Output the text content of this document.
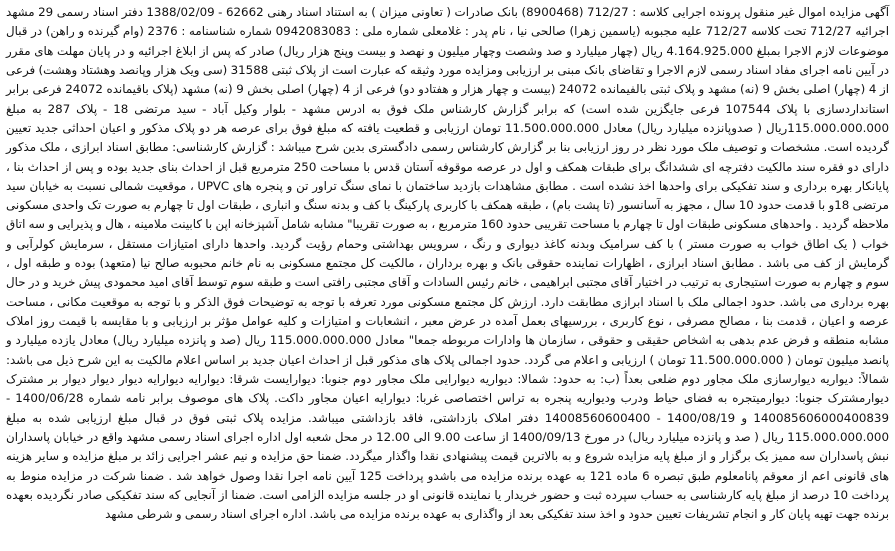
آگهی مزایده اموال غیر منقول پرونده اجرایی کلاسه : 712/27 (8900468) بانک صادرات ( تعاونی میزان ) به استناد اسناد رهنی 62662 - 1388/02/09 دفتر اسناد رسمی 29 مشهد اجرائیه 712/27 تحت کلاسه 712/27 علیه مجبوبه (یاسمین زهرا) صالحی نیا ، نام پدر : غلامعلی شماره ملی : 0942083083 شماره شناسنامه : 2376 (وام گیرنده و راهن) در قبال موضوعات لازم الاجرا بمبلغ 4.164.925.000 ریال (چهار میلیارد و صد وشصت وچهار میلیون و نهصد و بیست وپنج هزار ریال) صادر که پس از ابلاغ اجرائیه و در پایان مهلت های مقرر در آیین نامه اجرای مفاد اسناد رسمی لازم الاجرا و تقاضای بانک مبنی بر ارزیابی ومزایده مورد وثیقه که عبارت است از پلاک ثبتی 31588 (سی ویک هزار وپانصد وهشتاد وهشت) فرعی از 4 (چهار) اصلی بخش 9 (نه) مشهد و پلاک ثبتی بالفیمانده 24072 (بیست و چهار هزار و هفتادو دو) فرعی از 4 (چهار) اصلی بخش 9 (نه) مشهد (پلاک باقیمانده 24072 فرعی برابر استانداردسازی با پلاک 107544 فرعی جایگزین شده است) که برابر گزارش کارشناس ملک فوق به ادرس مشهد - بلوار وکیل آباد - سید مرتضی 18 - پلاک 287 به مبلغ 115.000.000.000ریال ( صدوپانزده میلیارد ریال) معادل 11.500.000.000 تومان ارزیابی و قطعیت یافته که مبلغ فوق برای عرصه هر دو پلاک مذکور و اعیان احداثی جدید تعیین گردیده است. مشخصات و توصیف ملک مورد نظر در روز ارزیابی بنا بر گزارش کارشناس رسمی دادگستری بدین شرح میباشد : گزارش کارشناسی: مطابق اسناد ابرازی ، ملک مذکور دارای دو فقره سند مالکیت دفترچه ای ششدانگ برای طبقات همکف و اول در عرصه موقوفه آستان قدس با مساحت 250 مترمربع قبل از احداث بنای جدید بوده و پس از احداث بنا ، پایانکار بهره برداری و سند تفکیکی برای واحدها اخذ نشده است . مطابق مشاهدات بازدید ساختمان با نمای سنگ تراور تن و پنجره های UPVC ، موقعیت شمالی نسبت به خیابان سید مرتضی 18و با قدمت حدود 10 سال ، مجهز به آسانسور (تا پشت بام) ، طبقه همکف با کاربری پارکینگ با کف و بدنه سنگ و انباری ، طبقات اول تا چهارم به صورت تک واحدی مسکونی ملاحظه گردید . واحدهای مسکونی طبقات اول تا چهارم با مساحت تقریبی حدود 160 مترمربع ، به صورت تقریبا" مشابه شامل آشپزخانه اپن با کابینت ملامینه ، هال و پذیرایی و سه اتاق خواب ( یک اطاق خواب به صورت مستر ) با کف سرامیک وبدنه کاغذ دیواری و رنگ ، سرویس بهداشتی وحمام رؤیت گردید. واحدها دارای امتیازات مستقل ، سرمایش کولرآبی و گرمایش از کف می باشد . مطابق اسناد ابرازی ، اظهارات نماینده حقوقی بانک و بهره برداران ، مالکیت کل مجتمع مسکونی به نام خانم محبوبه صالح نیا (متعهد) بوده و طبقه اول ، سوم و چهارم به صورت استیجاری به ترتیب در اختیار آقای مجتبی ابراهیمی ، خانم رئیس السادات و آقای مجتبی رافتی است و طبقه سوم توسط آقای امید محمودی پیش خرید و در حال بهره برداری می باشد. حدود اجمالی ملک با اسناد ابرازی مطابقت دارد. ارزش کل مجتمع مسکونی مورد تعرفه با توجه به توضیحات فوق الذکر و با توجه به موقعیت مکانی ، مساحت عرصه و اعیان ، قدمت بنا ، مصالح مصرفی ، نوع کاربری ، بررسیهای بعمل آمده در عرض معبر ، انشعابات و امتیازات و کلیه عوامل مؤثر بر ارزیابی و با مقایسه با قیمت روز املاک مشابه منطقه و فرض عدم بدهی به اشخاص حقیقی و حقوقی ، سازمان ها وادارات مربوطه جمعا" معادل 115.000.000.000 ریال (صد و پانزده میلیارد ریال) معادل یازده میلیارد و پانصد میلیون تومان ( 11.500.000.000 تومان ) ارزیابی و اعلام می گردد. حدود اجمالی پلاک های مذکور قبل از احداث اعیان جدید بر اساس اعلام مالکیت به این شرح ذیل می باشد: شمالاً: دیواریه دیوارسازی ملک مجاور دوم ضلعی بعداً (ب: به حدود: شمالا: دیواریه دیوارایی ملک مجاور دوم جنوبا: دیوارایست شرقا: دیوارایه دیوارایه دیوار دیوار دیوار بر مشترک دیوارمشترک جنوبا: دیوارمیتجره به فضای حیاط ودرب ودیواریه پنجره به تراس اختصاصی غربا: دیوارایه اعیان مجاور داکت. پلاک های موصوف برابر نامه شماره 1400/06/28 - 140085606000400839 و 1400/08/19 - 14008560600400 دفتر املاک بازداشتی، فاقد بازداشتی میباشد. مزایده پلاک ثبتی فوق در قبال مبلغ ارزیابی شده به مبلغ 115.000.000.000 ریال ( صد و پانزده میلیارد ریال) در مورخ 1400/09/13 از ساعت 9.00 الی 12.00 در محل شعبه اول اداره اجرای اسناد رسمی مشهد واقع در خیابان پاسداران نبش پاسداران سه ممیز یک برگزار و از مبلغ پایه مزایده شروع و به بالاترین قیمت پیشنهادی نقدا واگذار میگردد. ضمنا حق مزایده و نیم عشر اجرایی زائد بر مبلغ مزایده و سایر هزینه های قانونی اعم از معوقم پانامعلوم طبق تبصره 6 ماده 121 به عهده برنده مزایده می باشدو پرداخت 125 آیین نامه اجرا نقدا وصول خواهد شد . ضمنا شرکت در مزایده منوط به پرداخت 10 درصد از مبلغ پایه کارشناسی به حساب سپرده ثبت و حضور خریدار یا نماینده قانونی او در جلسه مزایده الزامی است. ضمنا از آنجایی که سند تفکیکی صادر نگردیده بعهده برنده جهت تهیه پایان کار و انجام تشریفات تعیین حدود و اخذ سند تفکیکی بعد از واگذاری به عهده برنده مزایده می باشد. اداره اجرای اسناد رسمی و شرطی مشهد
